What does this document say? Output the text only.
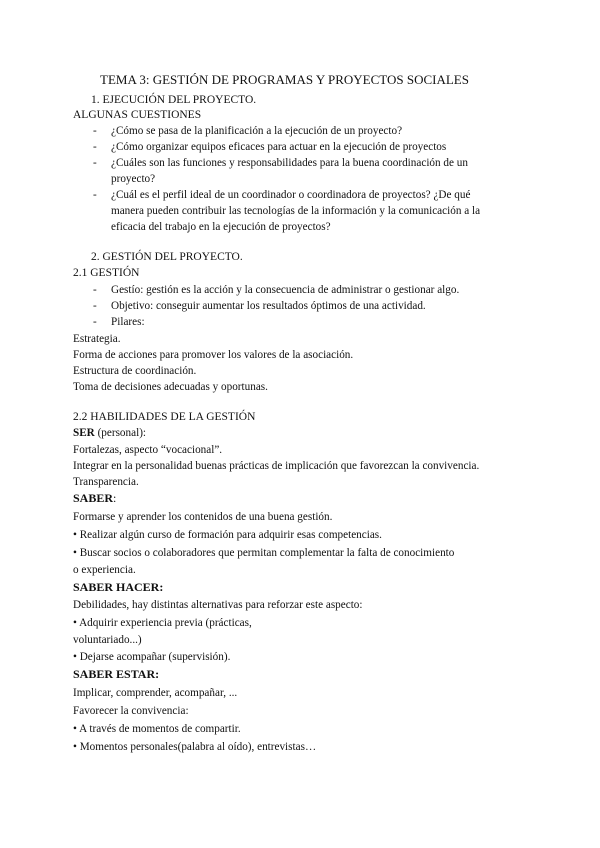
TEMA 3: GESTIÓN DE PROGRAMAS Y PROYECTOS SOCIALES
1. EJECUCIÓN DEL PROYECTO.
ALGUNAS CUESTIONES
- ¿Cómo se pasa de la planificación a la ejecución de un proyecto?
- ¿Cómo organizar equipos eficaces para actuar en la ejecución de proyectos
- ¿Cuáles son las funciones y responsabilidades para la buena coordinación de un
proyecto?
- ¿Cuál es el perfil ideal de un coordinador o coordinadora de proyectos? ¿De qué
manera pueden contribuir las tecnologías de la información y la comunicación a la
eficacia del trabajo en la ejecución de proyectos?
2. GESTIÓN DEL PROYECTO.
2.1 GESTIÓN
- Gestío: gestión es la acción y la consecuencia de administrar o gestionar algo.
- Objetivo: conseguir aumentar los resultados óptimos de una actividad.
- Pilares:
Estrategia.
Forma de acciones para promover los valores de la asociación.
Estructura de coordinación.
Toma de decisiones adecuadas y oportunas.
2.2 HABILIDADES DE LA GESTIÓN
SER (personal):
Fortalezas, aspecto “vocacional”.
Integrar en la personalidad buenas prácticas de implicación que favorezcan la convivencia.
Transparencia.
SABER:
Formarse y aprender los contenidos de una buena gestión.
• Realizar algún curso de formación para adquirir esas competencias.
• Buscar socios o colaboradores que permitan complementar la falta de conocimiento
o experiencia.
SABER HACER:
Debilidades, hay distintas alternativas para reforzar este aspecto:
• Adquirir experiencia previa (prácticas,
voluntariado...)
• Dejarse acompañar (supervisión).
SABER ESTAR:
Implicar, comprender, acompañar, ...
Favorecer la convivencia:
• A través de momentos de compartir.
• Momentos personales(palabra al oído), entrevistas…
